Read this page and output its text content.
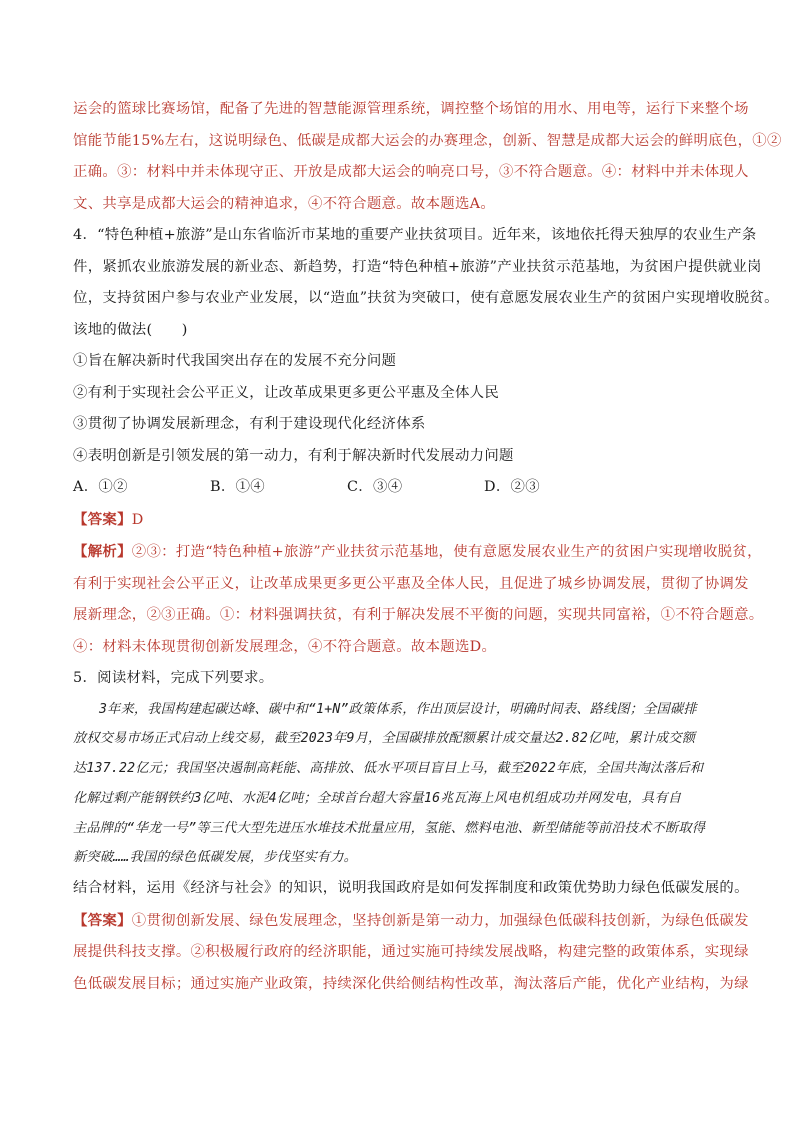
运会的篮球比赛场馆，配备了先进的智慧能源管理系统，调控整个场馆的用水、用电等，运行下来整个场
馆能节能15%左右，这说明绿色、低碳是成都大运会的办赛理念，创新、智慧是成都大运会的鲜明底色，①②
正确。③：材料中并未体现守正、开放是成都大运会的响亮口号，③不符合题意。④：材料中并未体现人
文、共享是成都大运会的精神追求，④不符合题意。故本题选A。
4．“特色种植+旅游”是山东省临沂市某地的重要产业扶贫项目。近年来，该地依托得天独厚的农业生产条
件，紧抓农业旅游发展的新业态、新趋势，打造“特色种植+旅游”产业扶贫示范基地，为贫困户提供就业岗
位，支持贫困户参与农业产业发展，以“造血”扶贫为突破口，使有意愿发展农业生产的贫困户实现增收脱贫。
该地的做法(　　)
①旨在解决新时代我国突出存在的发展不充分问题
②有利于实现社会公平正义，让改革成果更多更公平惠及全体人民
③贯彻了协调发展新理念，有利于建设现代化经济体系
④表明创新是引领发展的第一动力，有利于解决新时代发展动力问题
A．①②	B．①④	C．③④	D．②③
【答案】D
【解析】②③：打造“特色种植+旅游”产业扶贫示范基地，使有意愿发展农业生产的贫困户实现增收脱贫，
有利于实现社会公平正义，让改革成果更多更公平惠及全体人民，且促进了城乡协调发展，贯彻了协调发
展新理念，②③正确。①：材料强调扶贫，有利于解决发展不平衡的问题，实现共同富裕，①不符合题意。
④：材料未体现贯彻创新发展理念，④不符合题意。故本题选D。
5．阅读材料，完成下列要求。
3年来，我国构建起碳达峰、碳中和“1+N”政策体系，作出顶层设计，明确时间表、路线图；全国碳排
放权交易市场正式启动上线交易，截至2023年9月，全国碳排放配额累计成交量达2.82亿吨，累计成交额
达137.22亿元；我国坚决遏制高耗能、高排放、低水平项目盲目上马，截至2022年底，全国共淘汰落后和
化解过剩产能钢铁约3亿吨、水泥4亿吨；全球首台超大容量16兆瓦海上风电机组成功并网发电，具有自
主品牌的“华龙一号”等三代大型先进压水堆技术批量应用，氢能、燃料电池、新型储能等前沿技术不断取得
新突破……我国的绿色低碳发展，步伐坚实有力。
结合材料，运用《经济与社会》的知识，说明我国政府是如何发挥制度和政策优势助力绿色低碳发展的。
【答案】①贯彻创新发展、绿色发展理念，坚持创新是第一动力，加强绿色低碳科技创新，为绿色低碳发
展提供科技支撑。②积极履行政府的经济职能，通过实施可持续发展战略，构建完整的政策体系，实现绿
色低碳发展目标；通过实施产业政策，持续深化供给侧结构性改革，淘汰落后产能，优化产业结构，为绿
